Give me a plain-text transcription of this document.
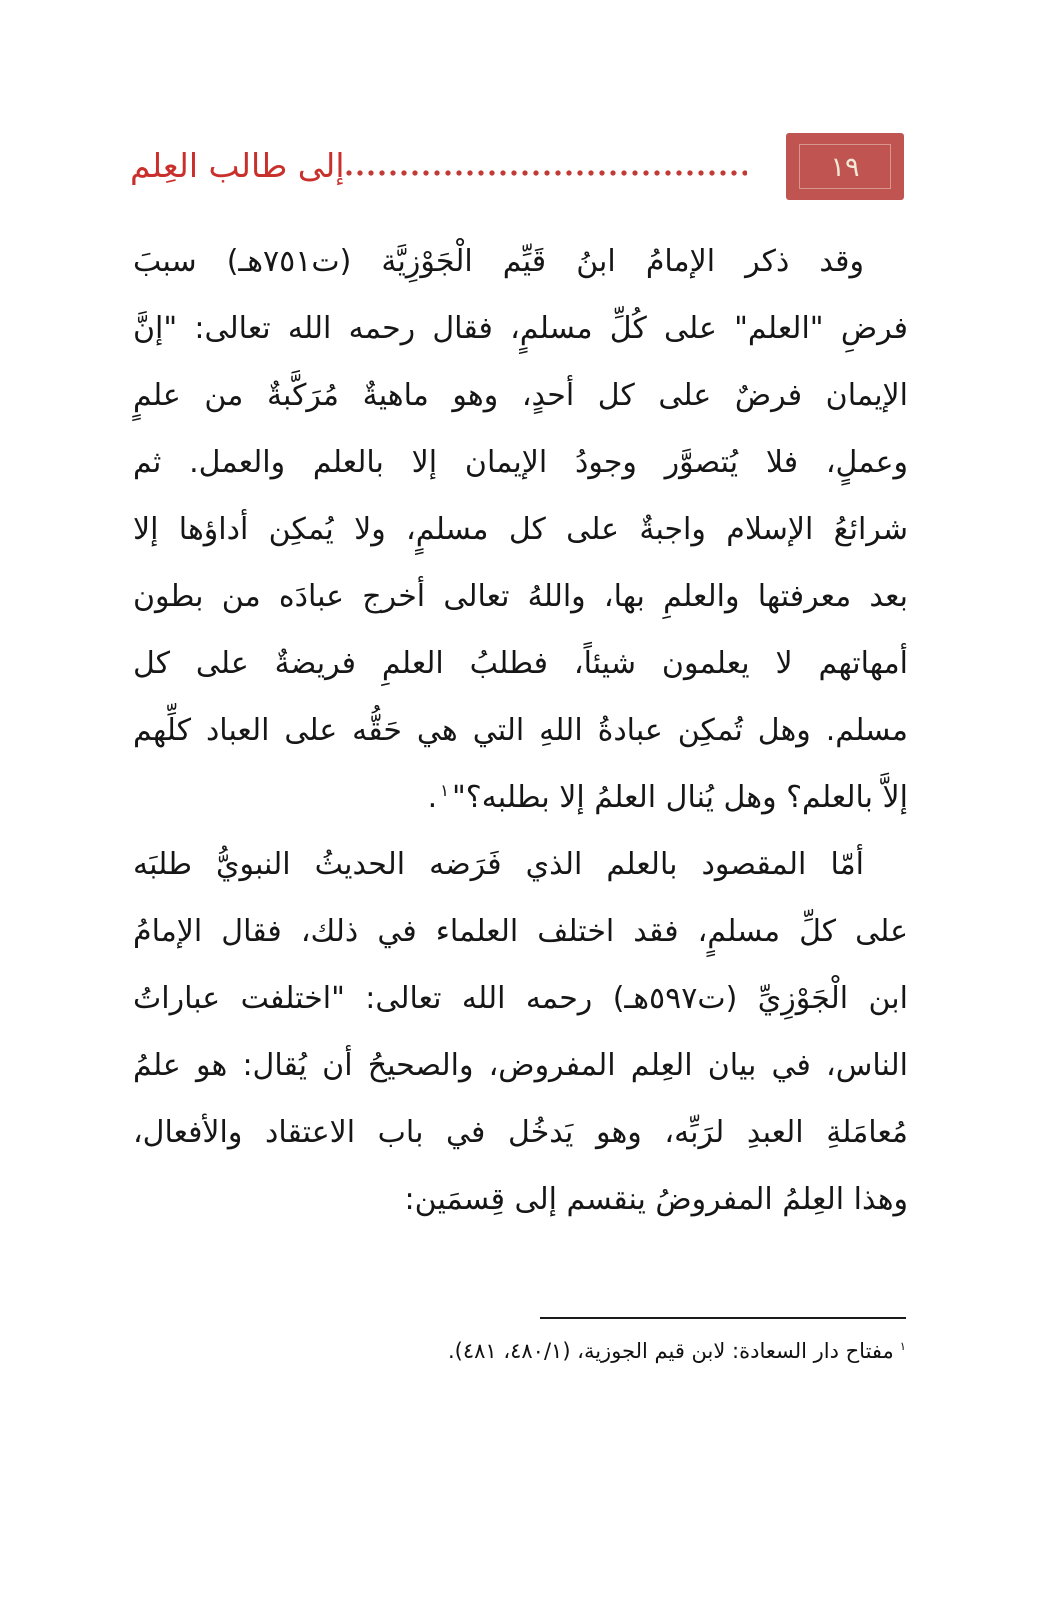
إلى طالب العِلم	١٩
وقد ذكر الإمامُ ابنُ قَيِّم الْجَوْزِيَّة (ت٧٥١هـ) سببَ
فرضِ "العلم" على كُلِّ مسلمٍ، فقال رحمه الله تعالى: "إنَّ
الإيمان فرضٌ على كل أحدٍ، وهو ماهيةٌ مُرَكَّبةٌ من علمٍ
وعملٍ، فلا يُتصوَّر وجودُ الإيمان إلا بالعلم والعمل. ثم
شرائعُ الإسلام واجبةٌ على كل مسلمٍ، ولا يُمكِن أداؤها إلا
بعد معرفتها والعلمِ بها، واللهُ تعالى أخرج عبادَه من بطون
أمهاتهم لا يعلمون شيئاً، فطلبُ العلمِ فريضةٌ على كل
مسلم. وهل تُمكِن عبادةُ اللهِ التي هي حَقُّه على العباد كلِّهم
إلاَّ بالعلم؟ وهل يُنال العلمُ إلا بطلبه؟"$^١$.
أمّا المقصود بالعلم الذي فَرَضه الحديثُ النبويُّ طلبَه
على كلِّ مسلمٍ، فقد اختلف العلماء في ذلك، فقال الإمامُ
ابن الْجَوْزِيِّ (ت٥٩٧هـ) رحمه الله تعالى: "اختلفت عباراتُ
الناس، في بيان العِلم المفروض، والصحيحُ أن يُقال: هو علمُ
مُعامَلةِ العبدِ لرَبِّه، وهو يَدخُل في باب الاعتقاد والأفعال،
وهذا العِلمُ المفروضُ ينقسم إلى قِسمَين:
$^١$مفتاح دار السعادة: لابن قيم الجوزية، (٤٨٠/١، ٤٨١).
